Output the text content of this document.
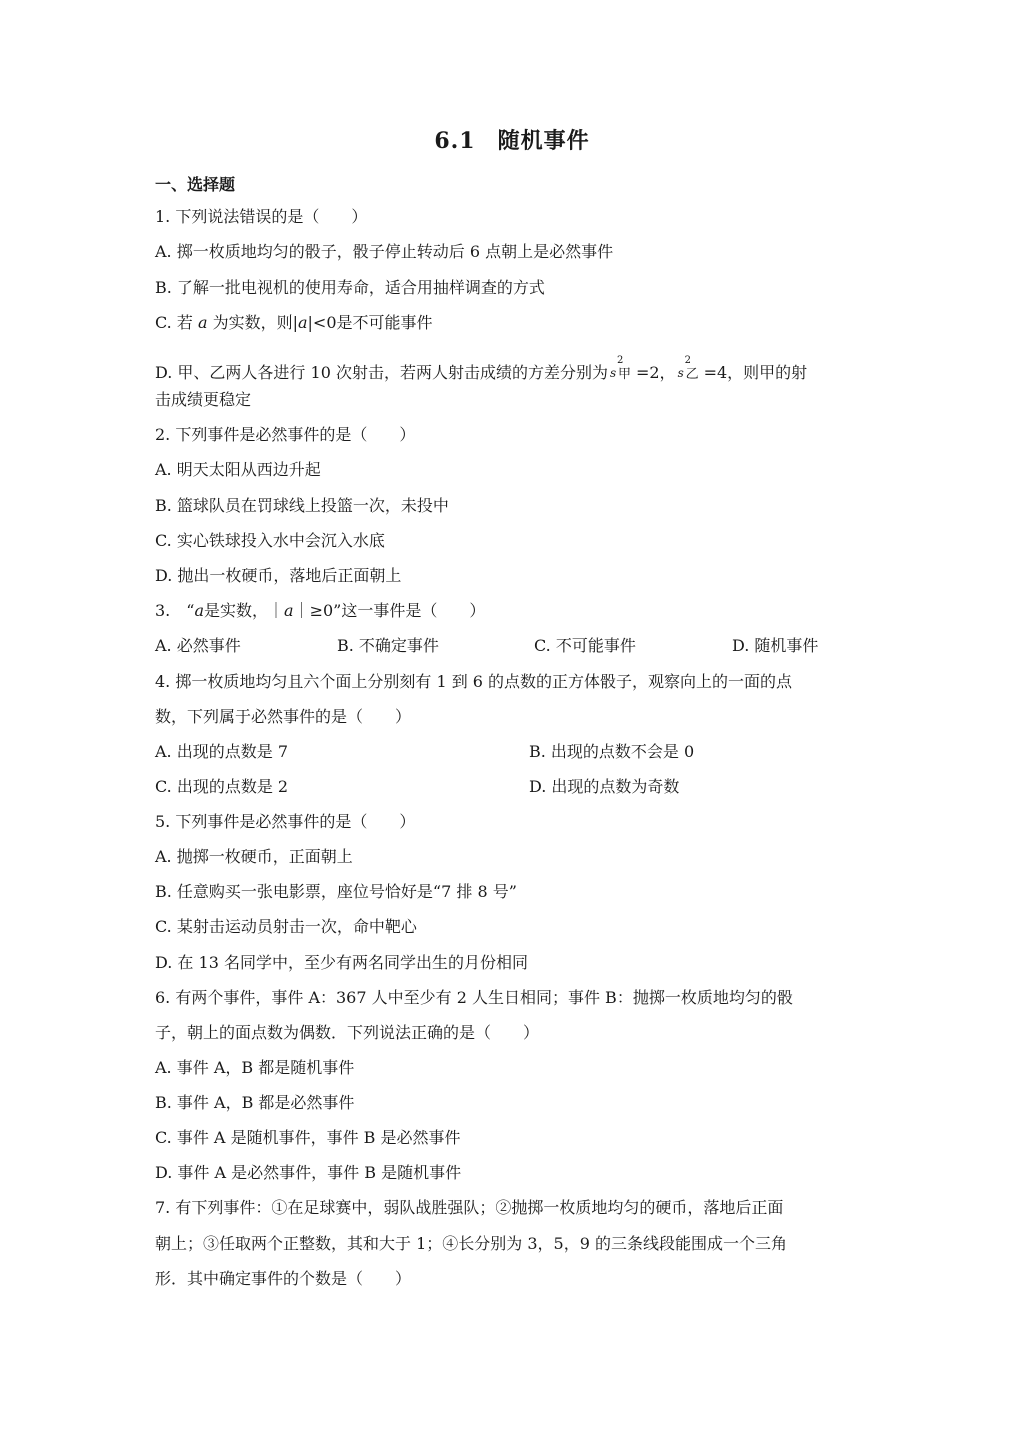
6.1 随机事件
一、选择题
1. 下列说法错误的是（　　）
A. 掷一枚质地均匀的骰子，骰子停止转动后 6 点朝上是必然事件
B. 了解一批电视机的使用寿命，适合用抽样调查的方式
C. 若 a 为实数，则|a|<0是不可能事件
D. 甲、乙两人各进行 10 次射击，若两人射击成绩的方差分别为 s
2
甲 =2， s
2
乙 =4，则甲的射
击成绩更稳定
2. 下列事件是必然事件的是（　　）
A. 明天太阳从西边升起
B. 篮球队员在罚球线上投篮一次，未投中
C. 实心铁球投入水中会沉入水底
D. 抛出一枚硬币，落地后正面朝上
3.　“a是实数，｜a｜≥0”这一事件是（　　）
A. 必然事件	B. 不确定事件	C. 不可能事件	D. 随机事件
4. 掷一枚质地均匀且六个面上分别刻有 1 到 6 的点数的正方体骰子，观察向上的一面的点
数，下列属于必然事件的是（　　）
A. 出现的点数是 7	B. 出现的点数不会是 0
C. 出现的点数是 2	D. 出现的点数为奇数
5. 下列事件是必然事件的是（　　）
A. 抛掷一枚硬币，正面朝上
B. 任意购买一张电影票，座位号恰好是“7 排 8 号”
C. 某射击运动员射击一次，命中靶心
D. 在 13 名同学中，至少有两名同学出生的月份相同
6. 有两个事件，事件 A：367 人中至少有 2 人生日相同；事件 B：抛掷一枚质地均匀的骰
子，朝上的面点数为偶数．下列说法正确的是（　　）
A. 事件 A，B 都是随机事件
B. 事件 A，B 都是必然事件
C. 事件 A 是随机事件，事件 B 是必然事件
D. 事件 A 是必然事件，事件 B 是随机事件
7. 有下列事件：①在足球赛中，弱队战胜强队；②抛掷一枚质地均匀的硬币，落地后正面
朝上；③任取两个正整数，其和大于 1；④长分别为 3，5，9 的三条线段能围成一个三角
形．其中确定事件的个数是（　　）
